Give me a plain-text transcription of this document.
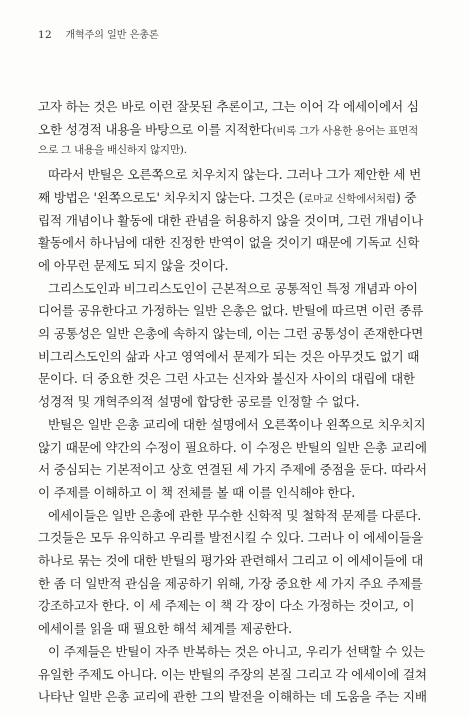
12 개혁주의 일반 은총론
고자 하는 것은 바로 이런 잘못된 추론이고, 그는 이어 각 에세이에서 심
오한 성경적 내용을 바탕으로 이를 지적한다(비록 그가 사용한 용어는 표면적
으로 그 내용을 배신하지 않지만).
따라서 반틸은 오른쪽으로 치우치지 않는다. 그러나 그가 제안한 세 번
째 방법은 '왼쪽으로도' 치우치지 않는다. 그것은 (로마교 신학에서처럼) 중
립적 개념이나 활동에 대한 관념을 허용하지 않을 것이며, 그런 개념이나
활동에서 하나님에 대한 진정한 반역이 없을 것이기 때문에 기독교 신학
에 아무런 문제도 되지 않을 것이다.
그리스도인과 비그리스도인이 근본적으로 공통적인 특정 개념과 아이
디어를 공유한다고 가정하는 일반 은총은 없다. 반틸에 따르면 이런 종류
의 공통성은 일반 은총에 속하지 않는데, 이는 그런 공통성이 존재한다면
비그리스도인의 삶과 사고 영역에서 문제가 되는 것은 아무것도 없기 때
문이다. 더 중요한 것은 그런 사고는 신자와 불신자 사이의 대립에 대한
성경적 및 개혁주의적 설명에 합당한 공로를 인정할 수 없다.
반틸은 일반 은총 교리에 대한 설명에서 오른쪽이나 왼쪽으로 치우치지
않기 때문에 약간의 수정이 필요하다. 이 수정은 반틸의 일반 은총 교리에
서 중심되는 기본적이고 상호 연결된 세 가지 주제에 중점을 둔다. 따라서
이 주제를 이해하고 이 책 전체를 볼 때 이를 인식해야 한다.
에세이들은 일반 은총에 관한 무수한 신학적 및 철학적 문제를 다룬다.
그것들은 모두 유익하고 우리를 발전시킬 수 있다. 그러나 이 에세이들을
하나로 묶는 것에 대한 반틸의 평가와 관련해서 그리고 이 에세이들에 대
한 좀 더 일반적 관심을 제공하기 위해, 가장 중요한 세 가지 주요 주제를
강조하고자 한다. 이 세 주제는 이 책 각 장이 다소 가정하는 것이고, 이
에세이를 읽을 때 필요한 해석 체계를 제공한다.
이 주제들은 반틸이 자주 반복하는 것은 아니고, 우리가 선택할 수 있는
유일한 주제도 아니다. 이는 반틸의 주장의 본질 그리고 각 에세이에 걸쳐
나타난 일반 은총 교리에 관한 그의 발전을 이해하는 데 도움을 주는 지배
